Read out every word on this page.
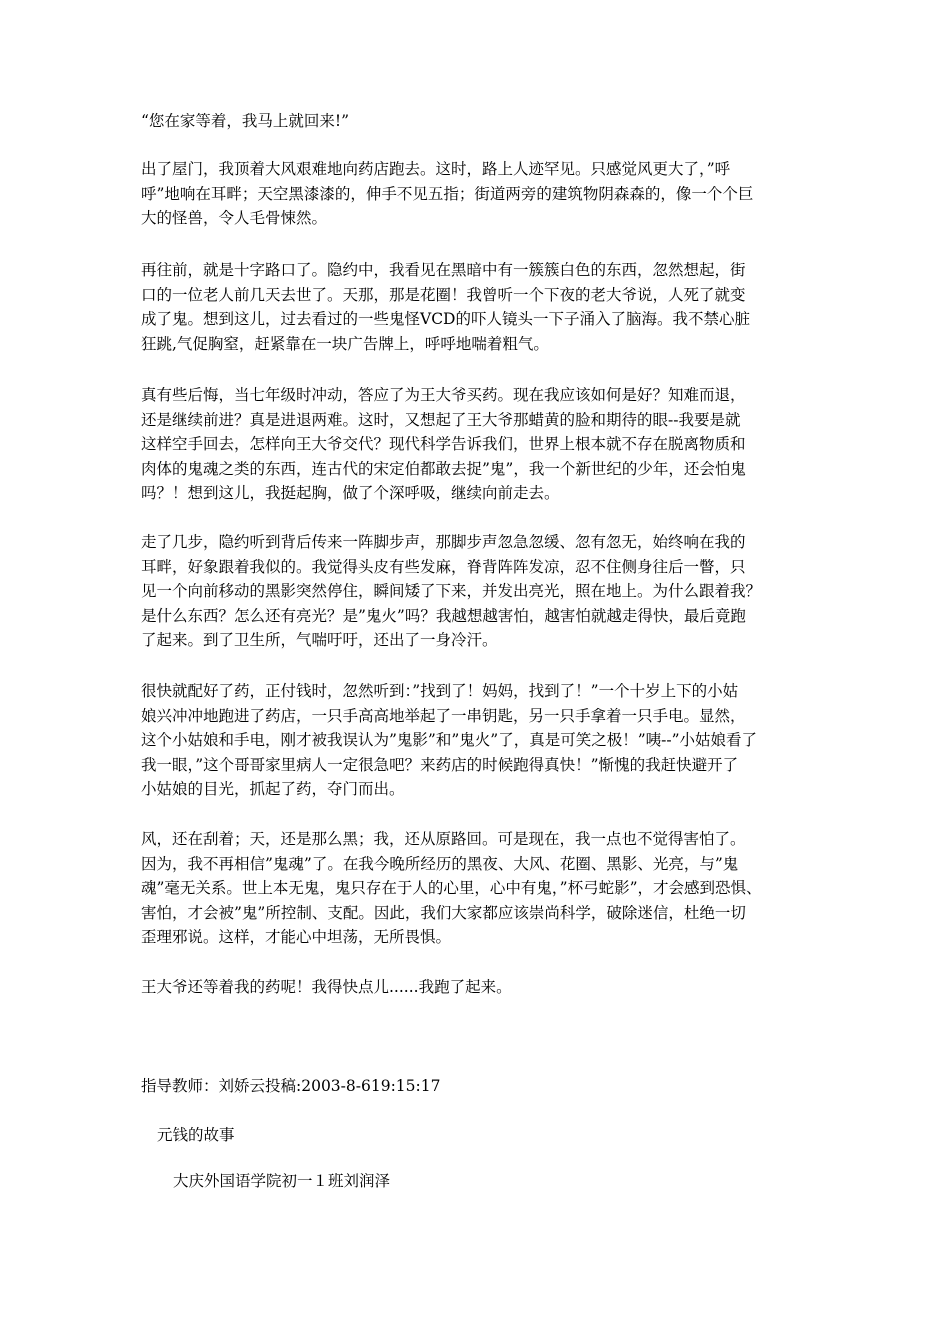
“您在家等着，我马上就回来!”

出了屋门，我顶着大风艰难地向药店跑去。这时，路上人迹罕见。只感觉风更大了，”呼
呼”地响在耳畔；天空黑漆漆的，伸手不见五指；街道两旁的建筑物阴森森的，像一个个巨
大的怪兽，令人毛骨悚然。

再往前，就是十字路口了。隐约中，我看见在黑暗中有一簇簇白色的东西，忽然想起，街
口的一位老人前几天去世了。天那，那是花圈！我曾听一个下夜的老大爷说，人死了就变
成了鬼。想到这儿，过去看过的一些鬼怪VCD的吓人镜头一下子涌入了脑海。我不禁心脏
狂跳,气促胸窒，赶紧靠在一块广告牌上，呼呼地喘着粗气。

真有些后悔，当七年级时冲动，答应了为王大爷买药。现在我应该如何是好？知难而退，
还是继续前进？真是进退两难。这时，又想起了王大爷那蜡黄的脸和期待的眼--我要是就
这样空手回去，怎样向王大爷交代？现代科学告诉我们，世界上根本就不存在脱离物质和
肉体的鬼魂之类的东西，连古代的宋定伯都敢去捉”鬼”，我一个新世纪的少年，还会怕鬼
吗？！想到这儿，我挺起胸，做了个深呼吸，继续向前走去。

走了几步，隐约听到背后传来一阵脚步声，那脚步声忽急忽缓、忽有忽无，始终响在我的
耳畔，好象跟着我似的。我觉得头皮有些发麻，脊背阵阵发凉，忍不住侧身往后一瞥，只
见一个向前移动的黑影突然停住，瞬间矮了下来，并发出亮光，照在地上。为什么跟着我？
是什么东西？怎么还有亮光？是”鬼火”吗？我越想越害怕，越害怕就越走得快，最后竟跑
了起来。到了卫生所，气喘吁吁，还出了一身冷汗。

很快就配好了药，正付钱时，忽然听到：”找到了！妈妈，找到了！”一个十岁上下的小姑
娘兴冲冲地跑进了药店，一只手高高地举起了一串钥匙，另一只手拿着一只手电。显然，
这个小姑娘和手电，刚才被我误认为”鬼影”和”鬼火”了，真是可笑之极！”咦--”小姑娘看了
我一眼，”这个哥哥家里病人一定很急吧？来药店的时候跑得真快！”惭愧的我赶快避开了
小姑娘的目光，抓起了药，夺门而出。

风，还在刮着；天，还是那么黑；我，还从原路回。可是现在，我一点也不觉得害怕了。
因为，我不再相信”鬼魂”了。在我今晚所经历的黑夜、大风、花圈、黑影、光亮，与”鬼
魂”毫无关系。世上本无鬼，鬼只存在于人的心里，心中有鬼，”杯弓蛇影”，才会感到恐惧、
害怕，才会被”鬼”所控制、支配。因此，我们大家都应该崇尚科学，破除迷信，杜绝一切
歪理邪说。这样，才能心中坦荡，无所畏惧。

王大爷还等着我的药呢！我得快点儿......我跑了起来。

指导教师：刘娇云投稿:2003-8-619:15:17

元钱的故事

大庆外国语学院初一１班刘润泽
